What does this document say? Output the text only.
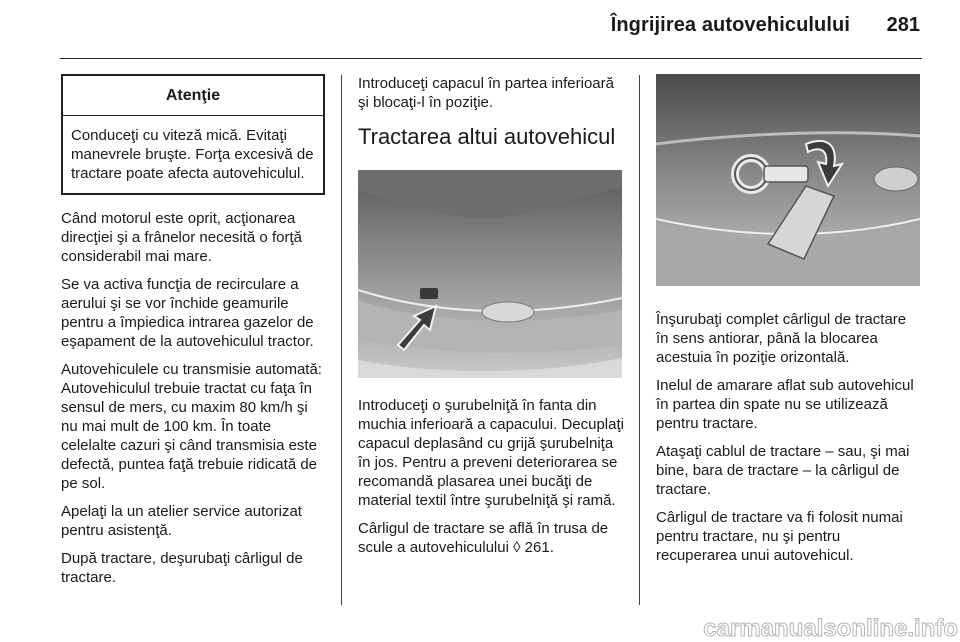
Îngrijirea autovehiculului	281
Atenţie
Conduceţi cu viteză mică. Evitaţi manevrele bruşte. Forţa excesivă de tractare poate afecta autovehiculul.

Când motorul este oprit, acţionarea direcţiei şi a frânelor necesită o forţă considerabil mai mare.

Se va activa funcţia de recirculare a aerului şi se vor închide geamurile pentru a împiedica intrarea gazelor de eşapament de la autovehiculul tractor.

Autovehiculele cu transmisie automată: Autovehiculul trebuie tractat cu faţa în sensul de mers, cu maxim 80 km/h şi nu mai mult de 100 km. În toate celelalte cazuri şi când transmisia este defectă, puntea faţă trebuie ridicată de pe sol.

Apelaţi la un atelier service autorizat pentru asistenţă.

După tractare, deşurubaţi cârligul de tractare.

Introduceţi capacul în partea inferioară şi blocaţi-l în poziţie.

Tractarea altui autovehicul

Introduceţi o şurubelniţă în fanta din muchia inferioară a capacului. Decuplaţi capacul deplasând cu grijă şurubelniţa în jos. Pentru a preveni deteriorarea se recomandă plasarea unei bucăţi de material textil între şurubelniţă şi ramă.

Cârligul de tractare se află în trusa de scule a autovehiculului ◊ 261.

Înşurubaţi complet cârligul de tractare în sens antiorar, până la blocarea acestuia în poziţie orizontală.

Inelul de amarare aflat sub autovehicul în partea din spate nu se utilizează pentru tractare.

Ataşaţi cablul de tractare – sau, şi mai bine, bara de tractare – la cârligul de tractare.

Cârligul de tractare va fi folosit numai pentru tractare, nu şi pentru recuperarea unui autovehicul.

carmanualsonline.info
